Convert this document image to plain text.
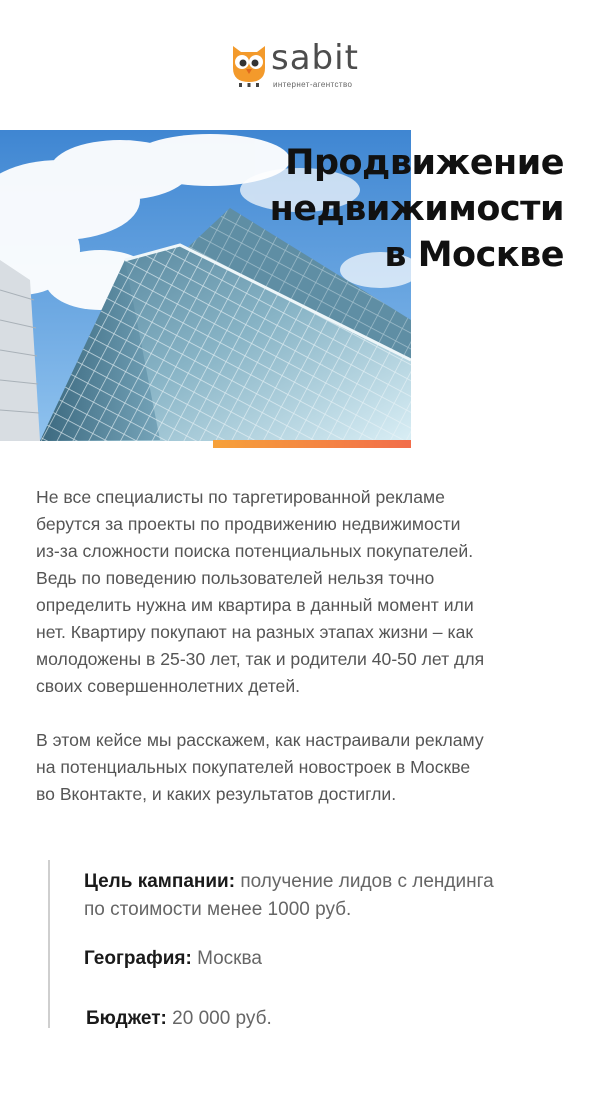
sabit
интернет-агентство
Продвижение
недвижимости
в Москве
Не все специалисты по таргетированной рекламе
берутся за проекты по продвижению недвижимости
из-за сложности поиска потенциальных покупателей.
Ведь по поведению пользователей нельзя точно
определить нужна им квартира в данный момент или
нет. Квартиру покупают на разных этапах жизни – как
молодожены в 25-30 лет, так и родители 40-50 лет для
своих совершеннолетних детей.
В этом кейсе мы расскажем, как настраивали рекламу
на потенциальных покупателей новостроек в Москве
во Вконтакте, и каких результатов достигли.
Цель кампании: получение лидов с лендинга
по стоимости менее 1000 руб.
География: Москва
Бюджет: 20 000 руб.
